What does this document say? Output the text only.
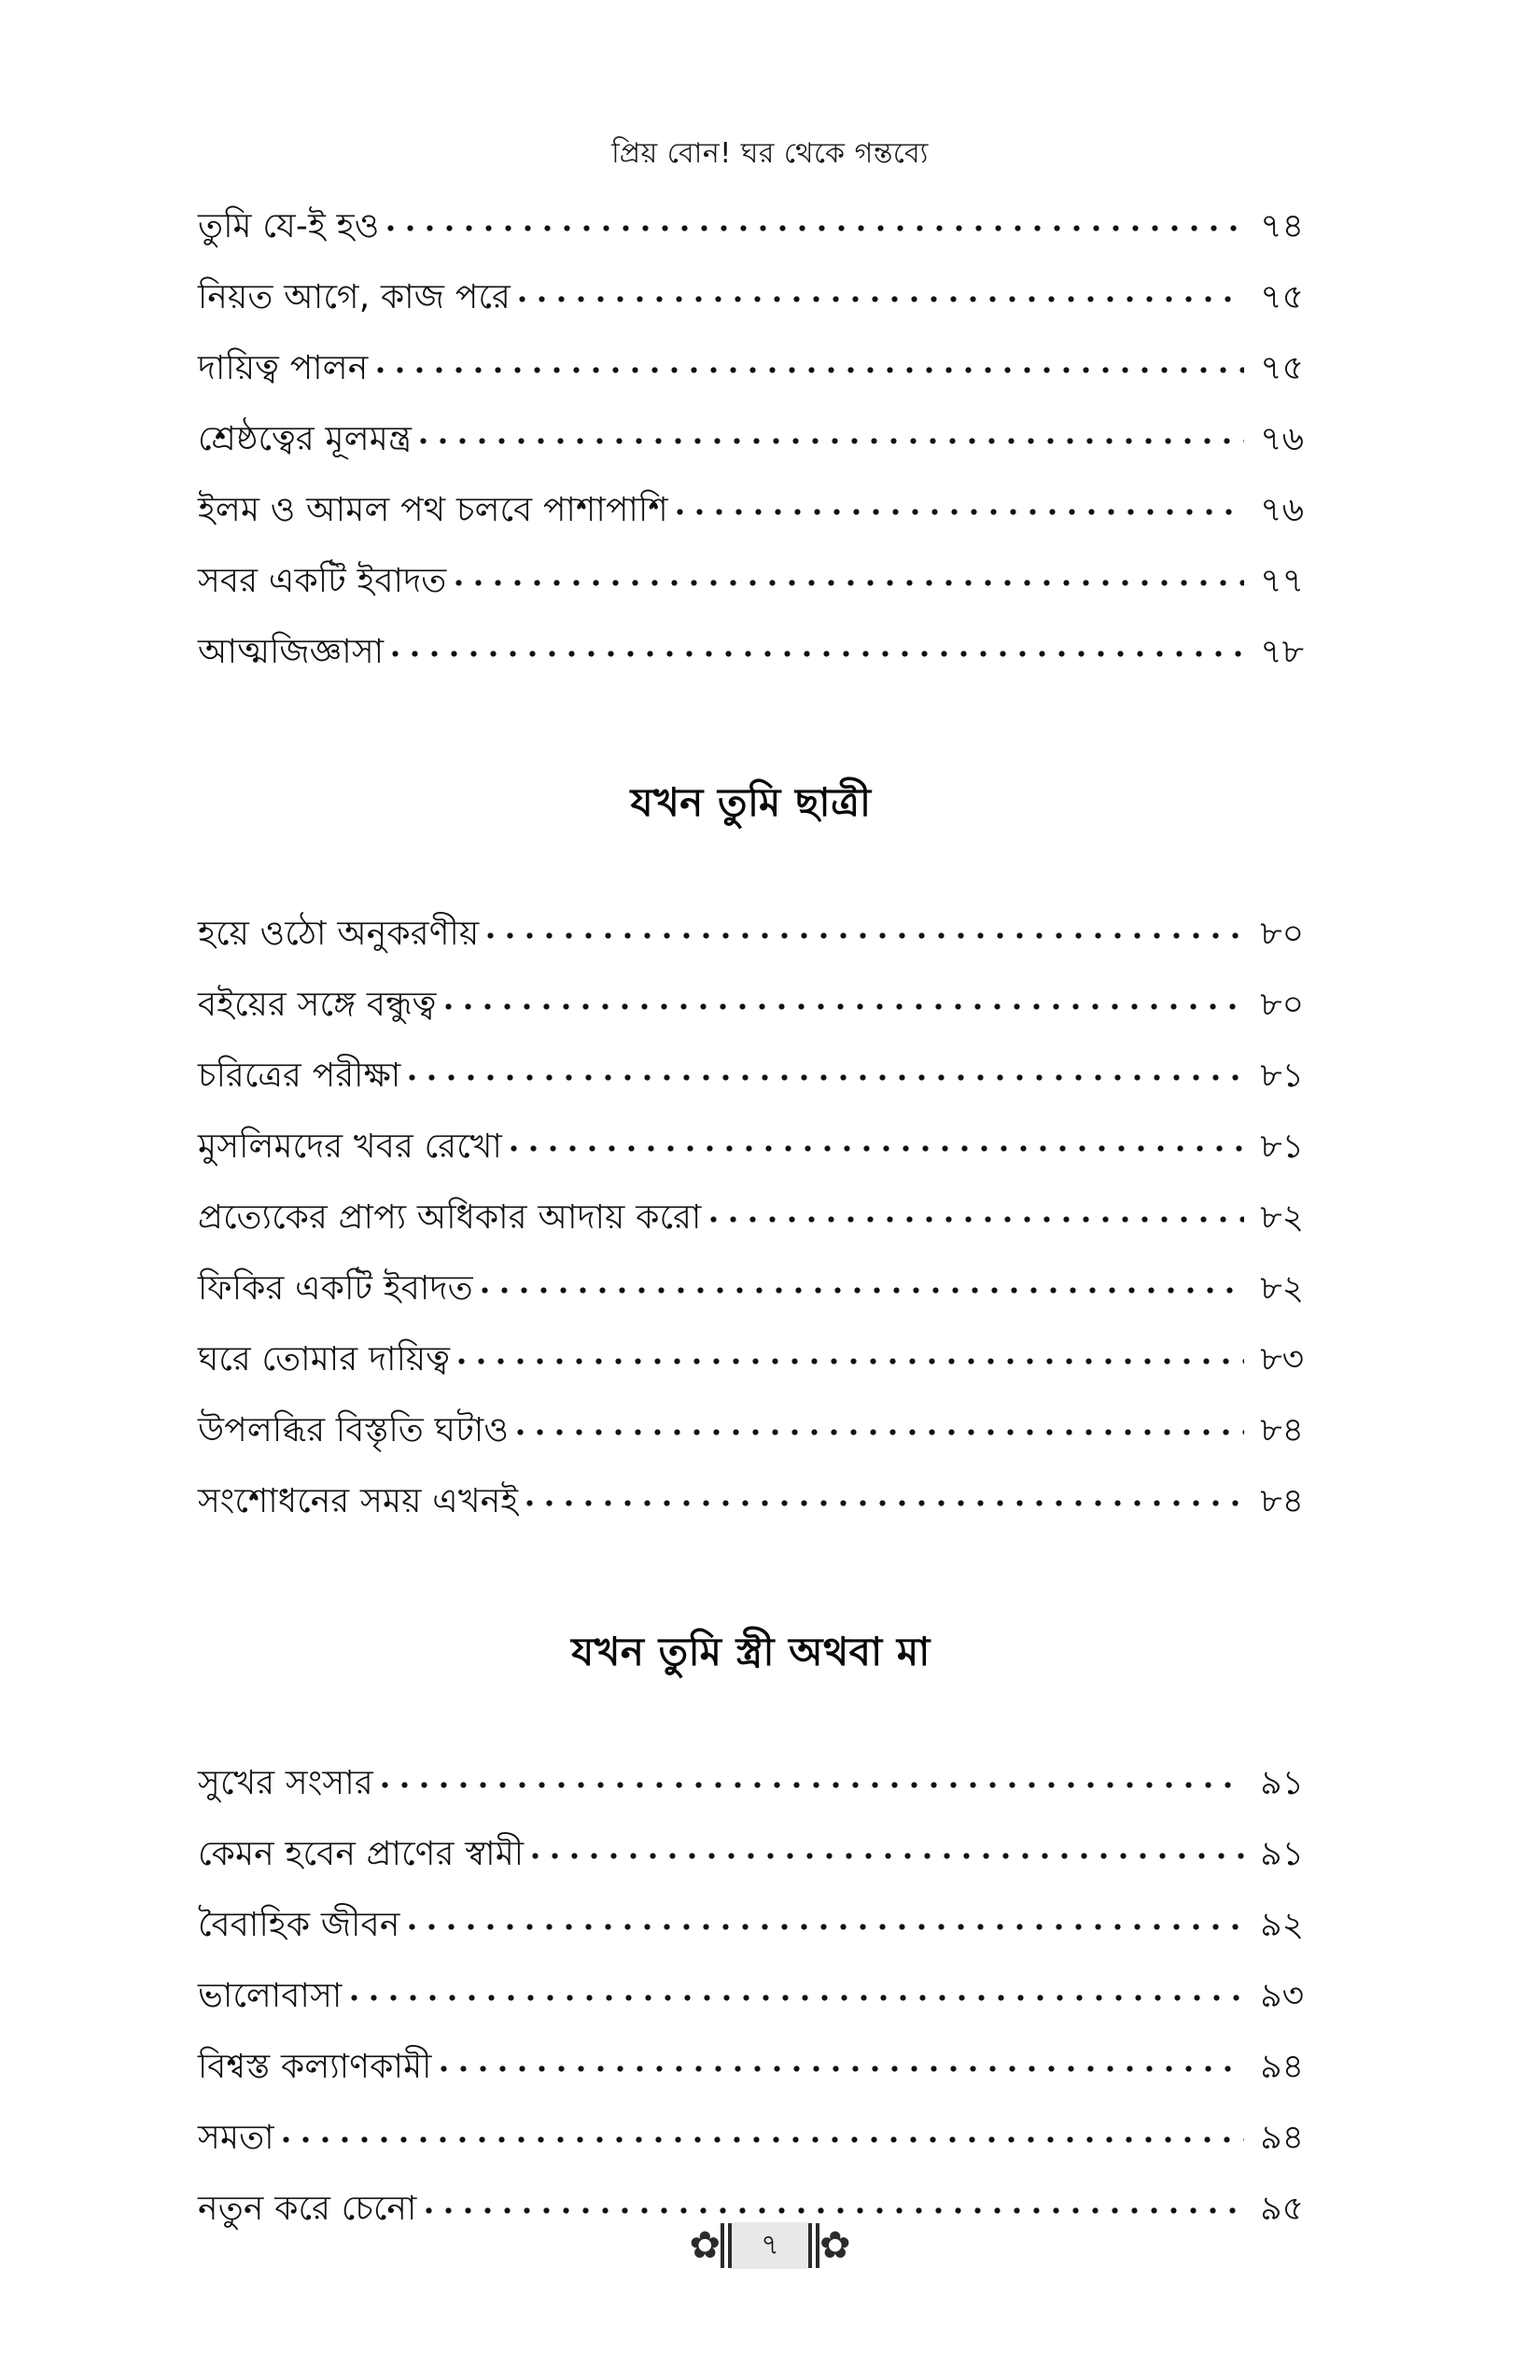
প্রিয় বোন! ঘর থেকে গন্তব্যে
তুমি যে-ই হও	৭৪
নিয়ত আগে, কাজ পরে	৭৫
দায়িত্ব পালন	৭৫
শ্রেষ্ঠত্বের মূলমন্ত্র	৭৬
ইলম ও আমল পথ চলবে পাশাপাশি	৭৬
সবর একটি ইবাদত	৭৭
আত্মজিজ্ঞাসা	৭৮
যখন তুমি ছাত্রী
হয়ে ওঠো অনুকরণীয়	৮০
বইয়ের সঙ্গে বন্ধুত্ব	৮০
চরিত্রের পরীক্ষা	৮১
মুসলিমদের খবর রেখো	৮১
প্রত্যেকের প্রাপ্য অধিকার আদায় করো	৮২
ফিকির একটি ইবাদত	৮২
ঘরে তোমার দায়িত্ব	৮৩
উপলব্ধির বিস্তৃতি ঘটাও	৮৪
সংশোধনের সময় এখনই	৮৪
যখন তুমি স্ত্রী অথবা মা
সুখের সংসার	৯১
কেমন হবেন প্রাণের স্বামী	৯১
বৈবাহিক জীবন	৯২
ভালোবাসা	৯৩
বিশ্বস্ত কল্যাণকামী	৯৪
সমতা	৯৪
নতুন করে চেনো	৯৫
✿	৭	✿
